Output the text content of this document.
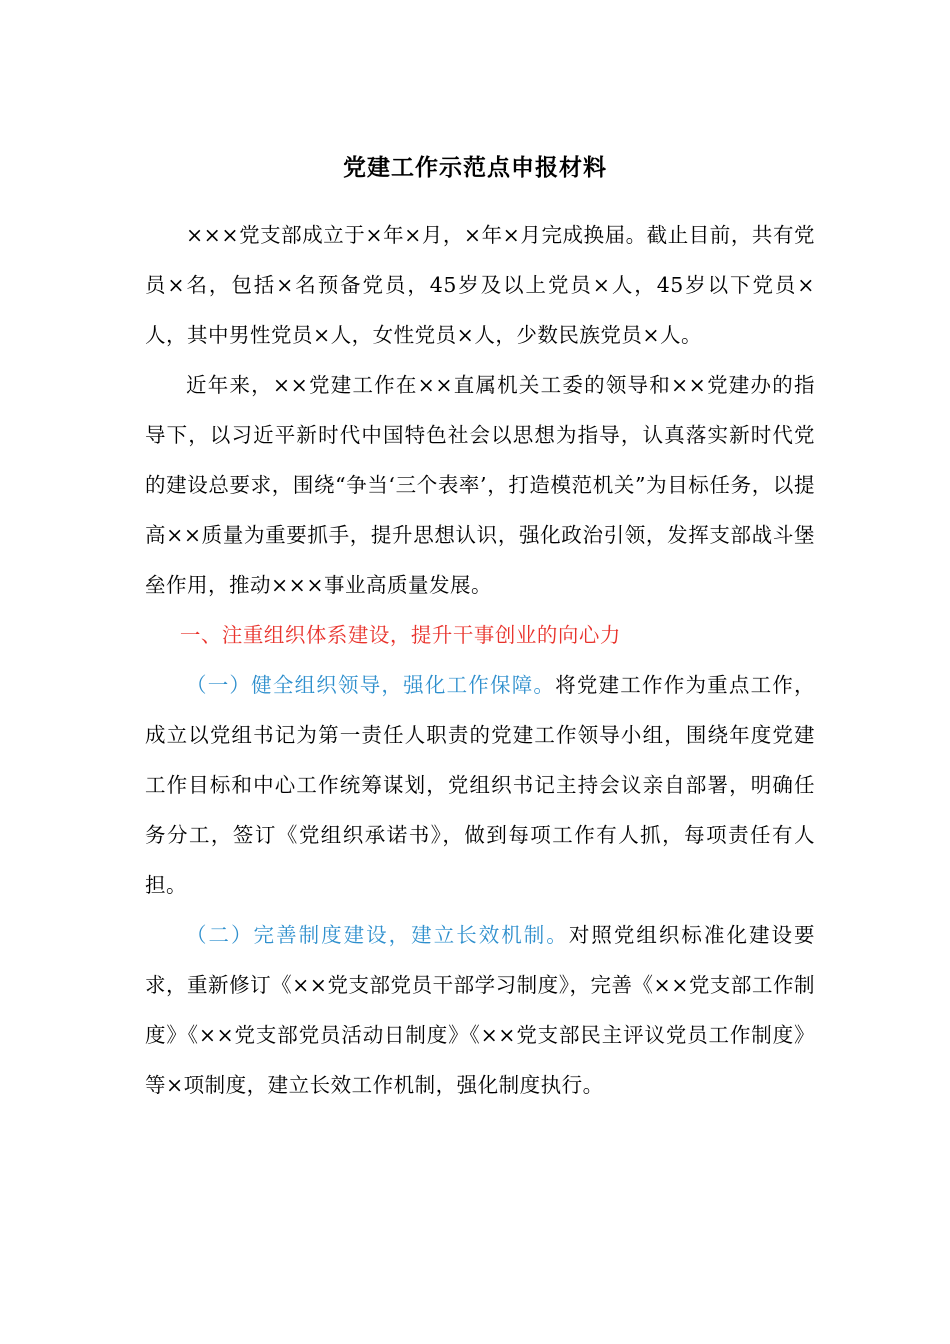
党建工作示范点申报材料

×××党支部成立于×年×月，×年×月完成换届。截止目前，共有党员×名，包括×名预备党员，45岁及以上党员×人，45岁以下党员×人，其中男性党员×人，女性党员×人，少数民族党员×人。

近年来，××党建工作在××直属机关工委的领导和××党建办的指导下，以习近平新时代中国特色社会以思想为指导，认真落实新时代党的建设总要求，围绕“争当‘三个表率’，打造模范机关”为目标任务，以提高××质量为重要抓手，提升思想认识，强化政治引领，发挥支部战斗堡垒作用，推动×××事业高质量发展。

一、注重组织体系建设，提升干事创业的向心力

（一）健全组织领导，强化工作保障。将党建工作作为重点工作，成立以党组书记为第一责任人职责的党建工作领导小组，围绕年度党建工作目标和中心工作统筹谋划，党组织书记主持会议亲自部署，明确任务分工，签订《党组织承诺书》，做到每项工作有人抓，每项责任有人担。

（二）完善制度建设，建立长效机制。对照党组织标准化建设要求，重新修订《××党支部党员干部学习制度》，完善《××党支部工作制度》《××党支部党员活动日制度》《××党支部民主评议党员工作制度》等×项制度，建立长效工作机制，强化制度执行。
